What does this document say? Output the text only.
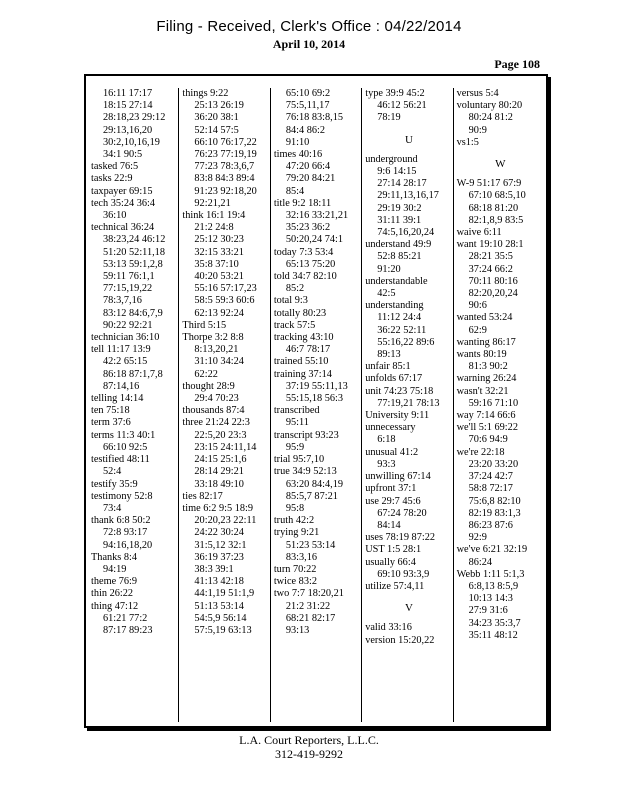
Filing - Received, Clerk's Office : 04/22/2014
April 10, 2014
Page 108
16:11 17:17
18:15 27:14
28:18,23 29:12
29:13,16,20
30:2,10,16,19
34:1 90:5
tasked 76:5
tasks 22:9
taxpayer 69:15
tech 35:24 36:4
36:10
technical 36:24
38:23,24 46:12
51:20 52:11,18
53:13 59:1,2,8
59:11 76:1,1
77:15,19,22
78:3,7,16
83:12 84:6,7,9
90:22 92:21
technician 36:10
tell 11:17 13:9
42:2 65:15
86:18 87:1,7,8
87:14,16
telling 14:14
ten 75:18
term 37:6
terms 11:3 40:1
66:10 92:5
testified 48:11
52:4
testify 35:9
testimony 52:8
73:4
thank 6:8 50:2
72:8 93:17
94:16,18,20
Thanks 8:4
94:19
theme 76:9
thin 26:22
thing 47:12
61:21 77:2
87:17 89:23
things 9:22
25:13 26:19
36:20 38:1
52:14 57:5
66:10 76:17,22
76:23 77:19,19
77:23 78:3,6,7
83:8 84:3 89:4
91:23 92:18,20
92:21,21
think 16:1 19:4
21:2 24:8
25:12 30:23
32:15 33:21
35:8 37:10
40:20 53:21
55:16 57:17,23
58:5 59:3 60:6
62:13 92:24
Third 5:15
Thorpe 3:2 8:8
8:13,20,21
31:10 34:24
62:22
thought 28:9
29:4 70:23
thousands 87:4
three 21:24 22:3
22:5,20 23:3
23:15 24:11,14
24:15 25:1,6
28:14 29:21
33:18 49:10
ties 82:17
time 6:2 9:5 18:9
20:20,23 22:11
24:22 30:24
31:5,12 32:1
36:19 37:23
38:3 39:1
41:13 42:18
44:1,19 51:1,9
51:13 53:14
54:5,9 56:14
57:5,19 63:13
65:10 69:2
75:5,11,17
76:18 83:8,15
84:4 86:2
91:10
times 40:16
47:20 66:4
79:20 84:21
85:4
title 9:2 18:11
32:16 33:21,21
35:23 36:2
50:20,24 74:1
today 7:3 53:4
65:13 75:20
told 34:7 82:10
85:2
total 9:3
totally 80:23
track 57:5
tracking 43:10
46:7 78:17
trained 55:10
training 37:14
37:19 55:11,13
55:15,18 56:3
transcribed
95:11
transcript 93:23
95:9
trial 95:7,10
true 34:9 52:13
63:20 84:4,19
85:5,7 87:21
95:8
truth 42:2
trying 9:21
51:23 53:14
83:3,16
turn 70:22
twice 83:2
two 7:7 18:20,21
21:2 31:22
68:21 82:17
93:13
type 39:9 45:2
46:12 56:21
78:19
U
underground
9:6 14:15
27:14 28:17
29:11,13,16,17
29:19 30:2
31:11 39:1
74:5,16,20,24
understand 49:9
52:8 85:21
91:20
understandable
42:5
understanding
11:12 24:4
36:22 52:11
55:16,22 89:6
89:13
unfair 85:1
unfolds 67:17
unit 74:23 75:18
77:19,21 78:13
University 9:11
unnecessary
6:18
unusual 41:2
93:3
unwilling 67:14
upfront 37:1
use 29:7 45:6
67:24 78:20
84:14
uses 78:19 87:22
UST 1:5 28:1
usually 66:4
69:10 93:3,9
utilize 57:4,11
V
valid 33:16
version 15:20,22
versus 5:4
voluntary 80:20
80:24 81:2
90:9
vs1:5
W
W-9 51:17 67:9
67:10 68:5,10
68:18 81:20
82:1,8,9 83:5
waive 6:11
want 19:10 28:1
28:21 35:5
37:24 66:2
70:11 80:16
82:20,20,24
90:6
wanted 53:24
62:9
wanting 86:17
wants 80:19
81:3 90:2
warning 26:24
wasn't 32:21
59:16 71:10
way 7:14 66:6
we'll 5:1 69:22
70:6 94:9
we're 22:18
23:20 33:20
37:24 42:7
58:8 72:17
75:6,8 82:10
82:19 83:1,3
86:23 87:6
92:9
we've 6:21 32:19
86:24
Webb 1:11 5:1,3
6:8,13 8:5,9
10:13 14:3
27:9 31:6
34:23 35:3,7
35:11 48:12
L.A. Court Reporters, L.L.C.
312-419-9292
